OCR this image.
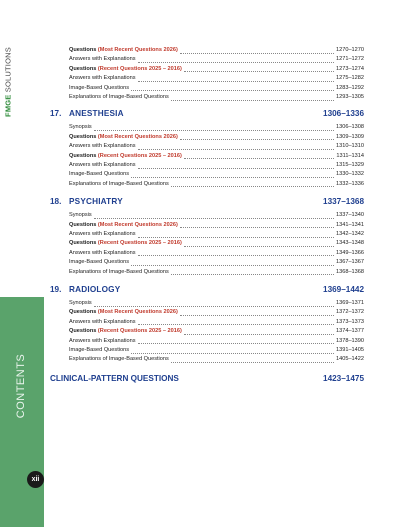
FMGE SOLUTIONS
CONTENTS
xii
Questions (Most Recent Questions 2026)	1270–1270
Answers with Explanations	1271–1272
Questions (Recent Questions 2025 – 2016)	1273–1274
Answers with Explanations	1275–1282
Image-Based Questions	1283–1292
Explanations of Image-Based Questions	1293–1305
17. ANESTHESIA	1306–1336
Synopsis	1306–1308
Questions (Most Recent Questions 2026)	1309–1309
Answers with Explanations	1310–1310
Questions (Recent Questions 2025 – 2016)	1311–1314
Answers with Explanations	1315–1329
Image-Based Questions	1330–1332
Explanations of Image-Based Questions	1332–1336
18. PSYCHIATRY	1337–1368
Synopsis	1337–1340
Questions (Most Recent Questions 2026)	1341–1341
Answers with Explanations	1342–1342
Questions (Recent Questions 2025 – 2016)	1343–1348
Answers with Explanations	1349–1366
Image-Based Questions	1367–1367
Explanations of Image-Based Questions	1368–1368
19. RADIOLOGY	1369–1442
Synopsis	1369–1371
Questions (Most Recent Questions 2026)	1372–1372
Answers with Explanations	1373–1373
Questions (Recent Questions 2025 – 2016)	1374–1377
Answers with Explanations	1378–1390
Image-Based Questions	1391–1405
Explanations of Image-Based Questions	1405–1422
CLINICAL-PATTERN QUESTIONS	1423–1475
